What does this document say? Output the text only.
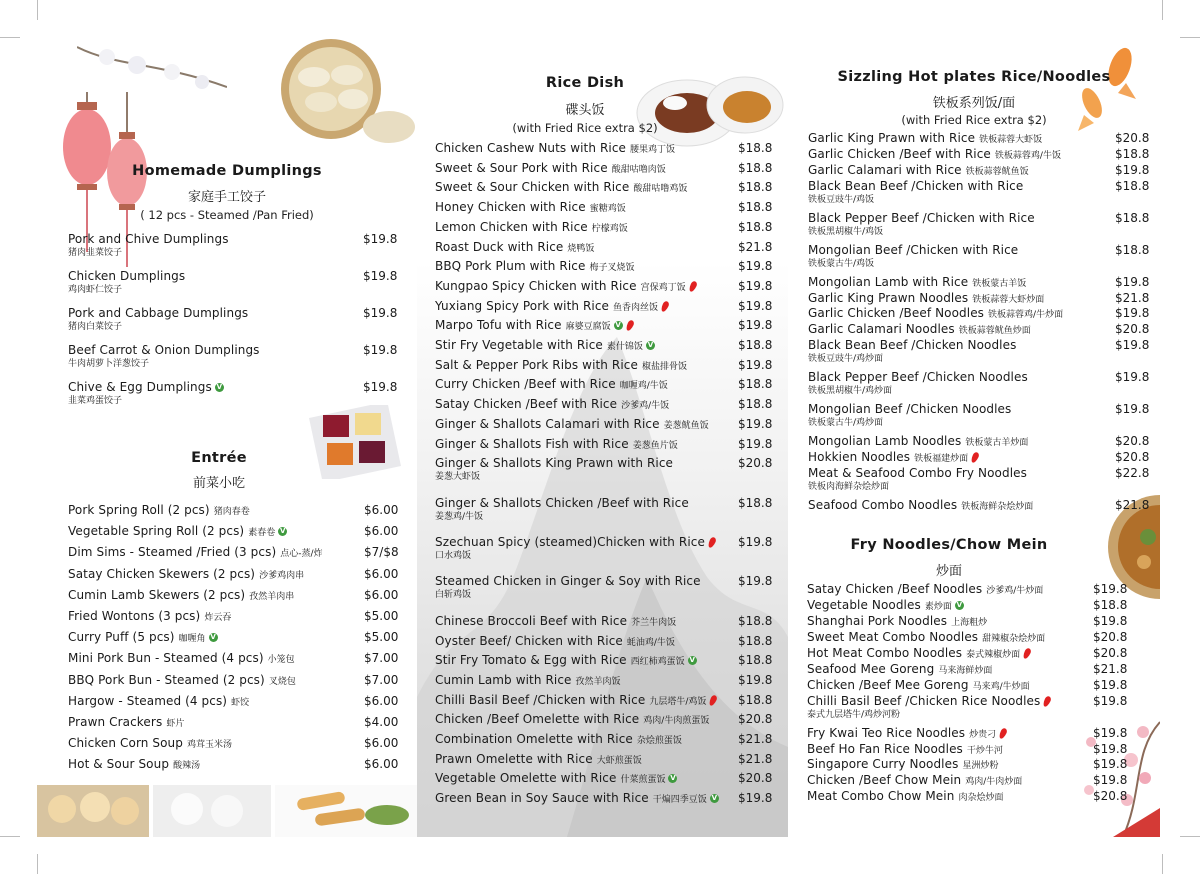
Homemade Dumplings
家庭手工饺子
( 12 pcs - Steamed /Pan Fried)
Pork and Chive Dumplings
猪肉韭菜饺子
$19.8
Chicken Dumplings
鸡肉虾仁饺子
$19.8
Pork and Cabbage Dumplings
猪肉白菜饺子
$19.8
Beef Carrot & Onion Dumplings
牛肉胡萝卜洋葱饺子
$19.8
Chive & Egg Dumplings V
韭菜鸡蛋饺子
$19.8
Entrée
前菜小吃
Pork Spring Roll (2 pcs) 猪肉春卷	$6.00
Vegetable Spring Roll (2 pcs) 素春卷 V	$6.00
Dim Sims - Steamed /Fried (3 pcs) 点心-蒸/炸	$7/$8
Satay Chicken Skewers (2 pcs) 沙爹鸡肉串	$6.00
Cumin Lamb Skewers (2 pcs) 孜然羊肉串	$6.00
Fried Wontons (3 pcs) 炸云吞	$5.00
Curry Puff (5 pcs) 咖喱角 V	$5.00
Mini Pork Bun - Steamed (4 pcs) 小笼包	$7.00
BBQ Pork Bun - Steamed (2 pcs) 叉烧包	$7.00
Hargow - Steamed (4 pcs) 虾饺	$6.00
Prawn Crackers 虾片	$4.00
Chicken Corn Soup 鸡茸玉米汤	$6.00
Hot & Sour Soup 酸辣汤	$6.00
Rice Dish
碟头饭
(with Fried Rice extra $2)
Chicken Cashew Nuts with Rice 腰果鸡丁饭	$18.8
Sweet & Sour Pork with Rice 酸甜咕噜肉饭	$18.8
Sweet & Sour Chicken with Rice 酸甜咕噜鸡饭	$18.8
Honey Chicken with Rice 蜜糖鸡饭	$18.8
Lemon Chicken with Rice 柠檬鸡饭	$18.8
Roast Duck with Rice 烧鸭饭	$21.8
BBQ Pork Plum with Rice 梅子叉烧饭	$19.8
Kungpao Spicy Chicken with Rice 宫保鸡丁饭	$19.8
Yuxiang Spicy Pork with Rice 鱼香肉丝饭	$19.8
Marpo Tofu with Rice 麻婆豆腐饭 V	$19.8
Stir Fry Vegetable with Rice 素什锦饭 V	$18.8
Salt & Pepper Pork Ribs with Rice 椒盐排骨饭	$19.8
Curry Chicken /Beef with Rice 咖喱鸡/牛饭	$18.8
Satay Chicken /Beef with Rice 沙爹鸡/牛饭	$18.8
Ginger & Shallots Calamari with Rice 姜葱鱿鱼饭 $19.8
Ginger & Shallots Fish with Rice 姜葱鱼片饭	$19.8
Ginger & Shallots King Prawn with Rice
姜葱大虾饭
$20.8
Ginger & Shallots Chicken /Beef with Rice
姜葱鸡/牛饭
$18.8
Szechuan Spicy (steamed)Chicken with Rice
口水鸡饭
$19.8
Steamed Chicken in Ginger & Soy with Rice
白斩鸡饭
$19.8
Chinese Broccoli Beef with Rice 芥兰牛肉饭	$18.8
Oyster Beef/ Chicken with Rice 蚝油鸡/牛饭	$18.8
Stir Fry Tomato & Egg with Rice 西红柿鸡蛋饭 V	$18.8
Cumin Lamb with Rice 孜然羊肉饭	$19.8
Chilli Basil Beef /Chicken with Rice 九层塔牛/鸡饭	$18.8
Chicken /Beef Omelette with Rice 鸡肉/牛肉煎蛋饭 $20.8
Combination Omelette with Rice 杂烩煎蛋饭	$21.8
Prawn Omelette with Rice 大虾煎蛋饭	$21.8
Vegetable Omelette with Rice 什菜煎蛋饭 V	$20.8
Green Bean in Soy Sauce with Rice 干煸四季豆饭 V $19.8
Sizzling Hot plates Rice/Noodles
铁板系列饭/面
(with Fried Rice extra $2)
Garlic King Prawn with Rice 铁板蒜蓉大虾饭	$20.8
Garlic Chicken /Beef with Rice 铁板蒜蓉鸡/牛饭	$18.8
Garlic Calamari with Rice 铁板蒜蓉鱿鱼饭	$19.8
Black Bean Beef /Chicken with Rice
铁板豆豉牛/鸡饭
$18.8
Black Pepper Beef /Chicken with Rice
铁板黑胡椒牛/鸡饭
$18.8
Mongolian Beef /Chicken with Rice
铁板蒙古牛/鸡饭
$18.8
Mongolian Lamb with Rice 铁板蒙古羊饭	$19.8
Garlic King Prawn Noodles 铁板蒜蓉大虾炒面	$21.8
Garlic Chicken /Beef Noodles 铁板蒜蓉鸡/牛炒面	$19.8
Garlic Calamari Noodles 铁板蒜蓉鱿鱼炒面	$20.8
Black Bean Beef /Chicken Noodles
铁板豆豉牛/鸡炒面
$19.8
Black Pepper Beef /Chicken Noodles
铁板黑胡椒牛/鸡炒面
$19.8
Mongolian Beef /Chicken Noodles
铁板蒙古牛/鸡炒面
$19.8
Mongolian Lamb Noodles 铁板蒙古羊炒面	$20.8
Hokkien Noodles 铁板福建炒面	$20.8
Meat & Seafood Combo Fry Noodles
铁板肉海鲜杂烩炒面
$22.8
Seafood Combo Noodles 铁板海鲜杂烩炒面	$21.8
Fry Noodles/Chow Mein
炒面
Satay Chicken /Beef Noodles 沙爹鸡/牛炒面	$19.8
Vegetable Noodles 素炒面 V	$18.8
Shanghai Pork Noodles 上海粗炒	$19.8
Sweet Meat Combo Noodles 甜辣椒杂烩炒面	$20.8
Hot Meat Combo Noodles 泰式辣椒炒面	$20.8
Seafood Mee Goreng 马来海鲜炒面	$21.8
Chicken /Beef Mee Goreng 马来鸡/牛炒面	$19.8
Chilli Basil Beef /Chicken Rice Noodles
泰式九层塔牛/鸡炒河粉
$19.8
Fry Kwai Teo Rice Noodles 炒贵刁	$19.8
Beef Ho Fan Rice Noodles 干炒牛河	$19.8
Singapore Curry Noodles 星洲炒粉	$19.8
Chicken /Beef Chow Mein 鸡肉/牛肉炒面	$19.8
Meat Combo Chow Mein 肉杂烩炒面	$20.8
